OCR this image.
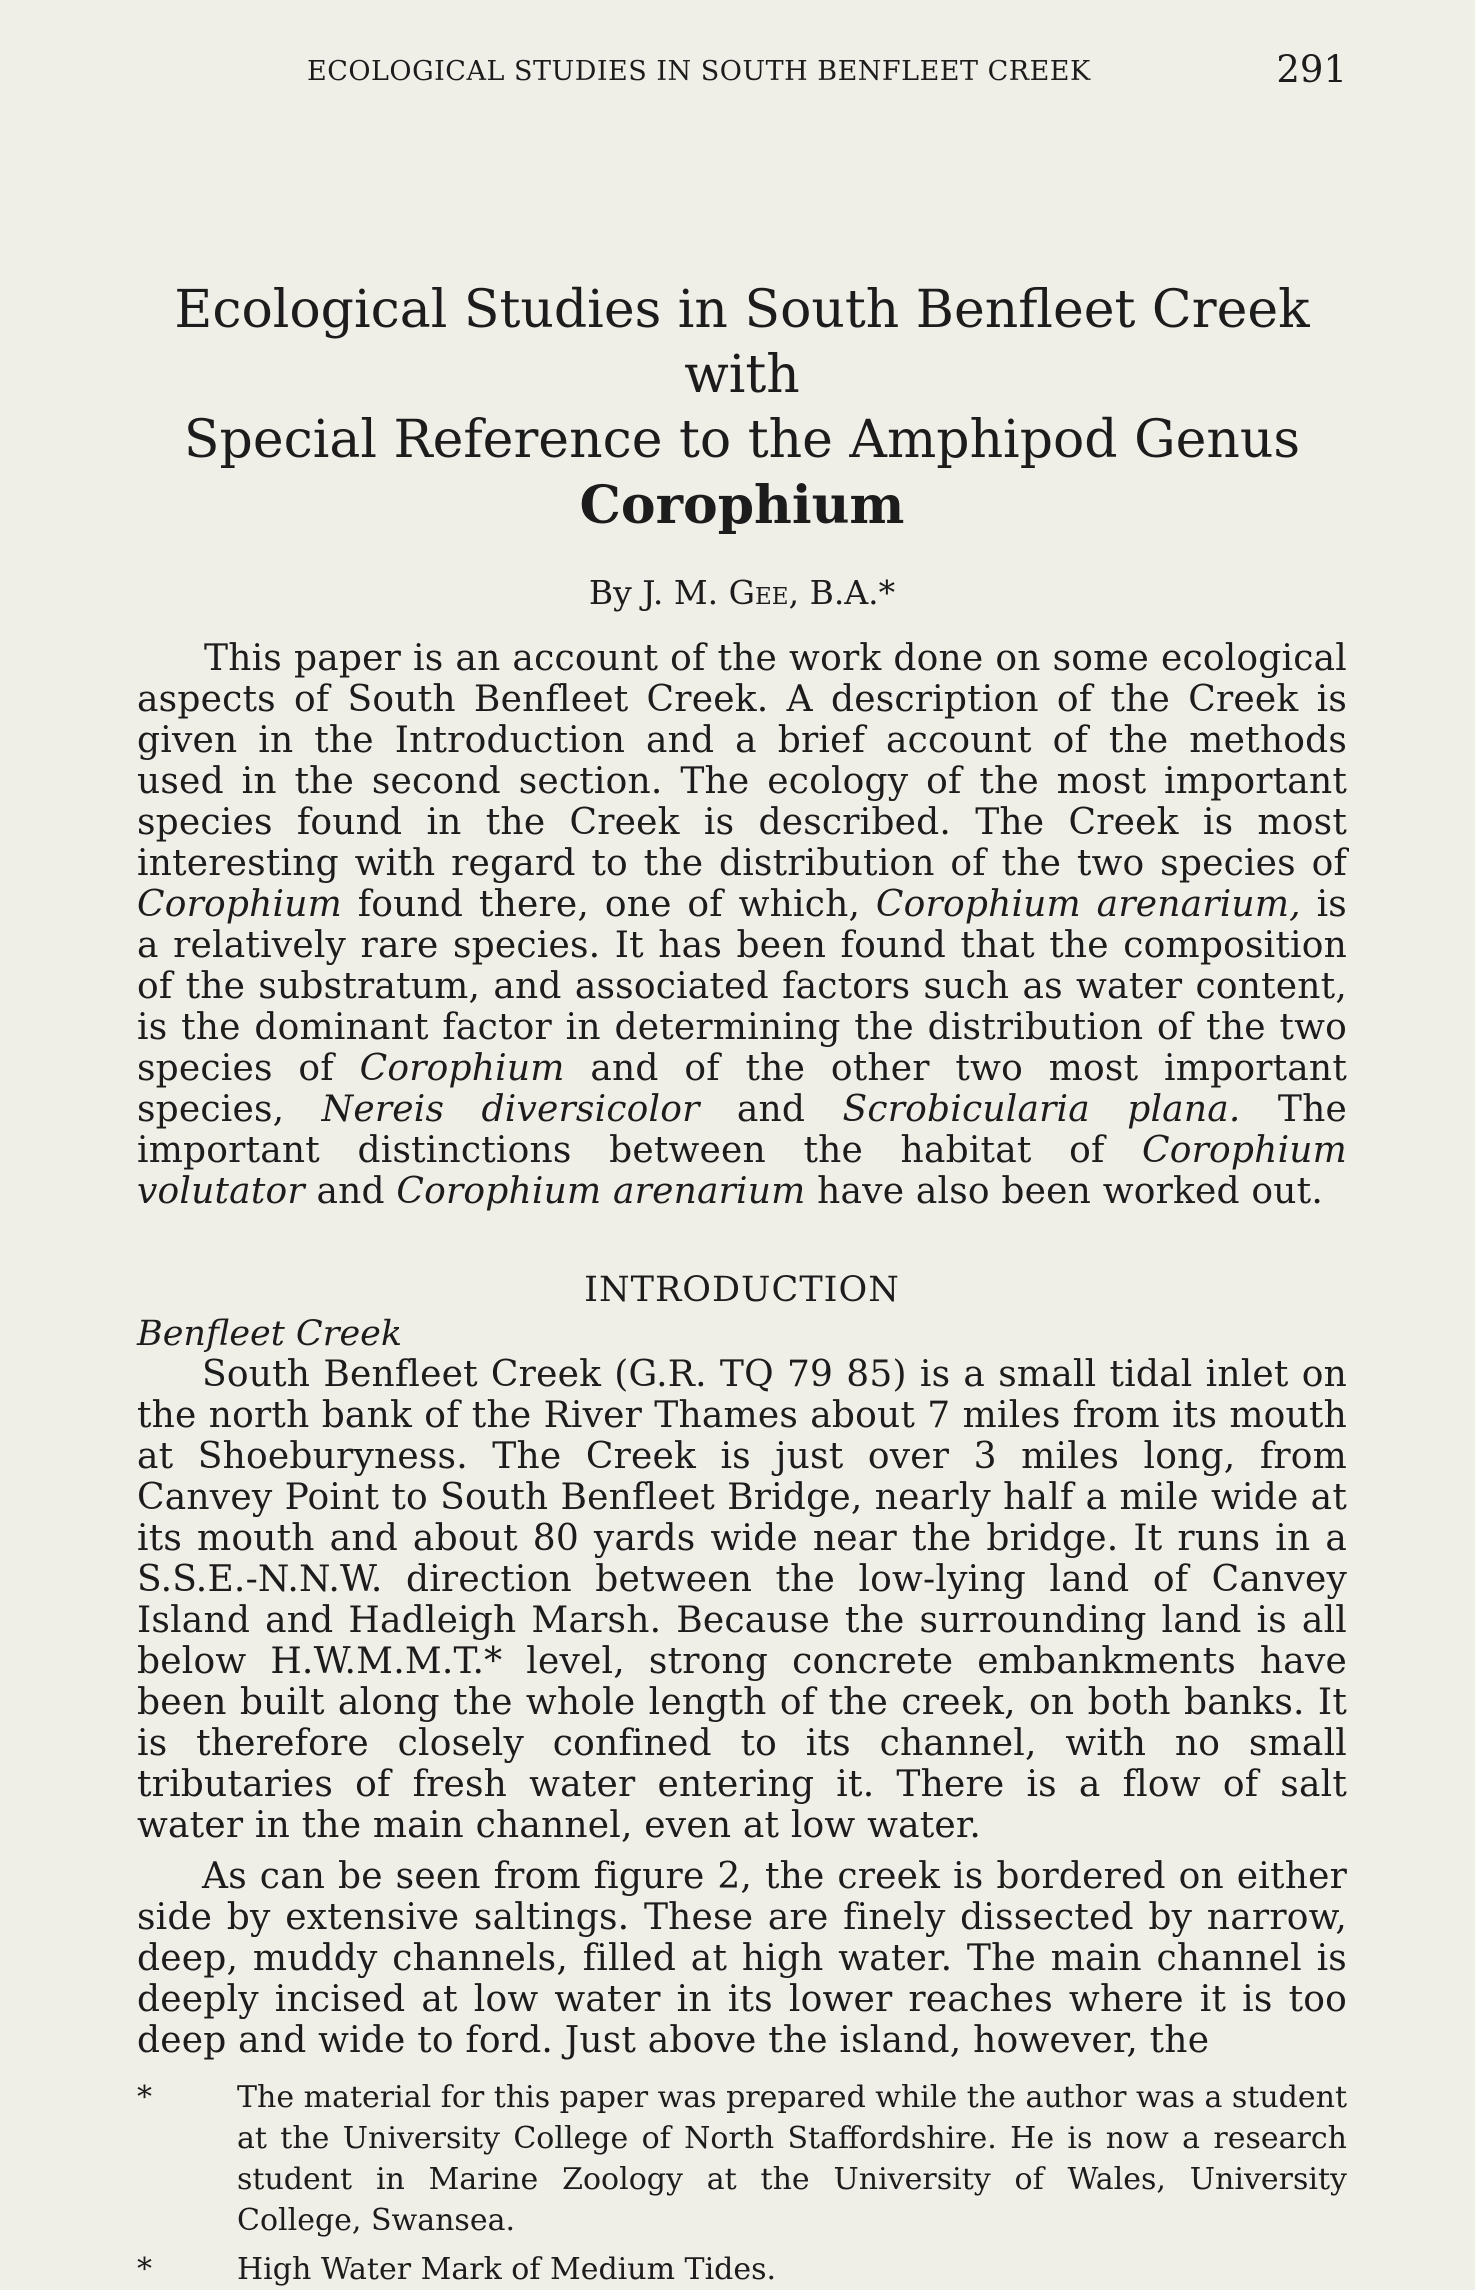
ECOLOGICAL STUDIES IN SOUTH BENFLEET CREEK	291
Ecological Studies in South Benfleet Creek with
Special Reference to the Amphipod Genus
Corophium
By J. M. Gee, B.A.*

This paper is an account of the work done on some ecological aspects of South Benfleet Creek. A description of the Creek is given in the Introduction and a brief account of the methods used in the second section. The ecology of the most important species found in the Creek is described. The Creek is most interesting with regard to the distribution of the two species of Corophium found there, one of which, Corophium arenarium, is a relatively rare species. It has been found that the composition of the substratum, and associated factors such as water content, is the dominant factor in determining the distribution of the two species of Corophium and of the other two most important species, Nereis diversicolor and Scrobicularia plana. The important distinctions between the habitat of Corophium volutator and Corophium arenarium have also been worked out.

INTRODUCTION
Benfleet Creek

South Benfleet Creek (G.R. TQ 79 85) is a small tidal inlet on the north bank of the River Thames about 7 miles from its mouth at Shoeburyness. The Creek is just over 3 miles long, from Canvey Point to South Benfleet Bridge, nearly half a mile wide at its mouth and about 80 yards wide near the bridge. It runs in a S.S.E.-N.N.W. direction between the low-lying land of Canvey Island and Hadleigh Marsh. Because the surrounding land is all below H.W.M.M.T.* level, strong concrete embankments have been built along the whole length of the creek, on both banks. It is therefore closely confined to its channel, with no small tributaries of fresh water entering it. There is a flow of salt water in the main channel, even at low water.

As can be seen from figure 2, the creek is bordered on either side by extensive saltings. These are finely dissected by narrow, deep, muddy channels, filled at high water. The main channel is deeply incised at low water in its lower reaches where it is too deep and wide to ford. Just above the island, however, the

*	The material for this paper was prepared while the author was a student at the University College of North Staffordshire. He is now a research student in Marine Zoology at the University of Wales, University College, Swansea.
*	High Water Mark of Medium Tides.
